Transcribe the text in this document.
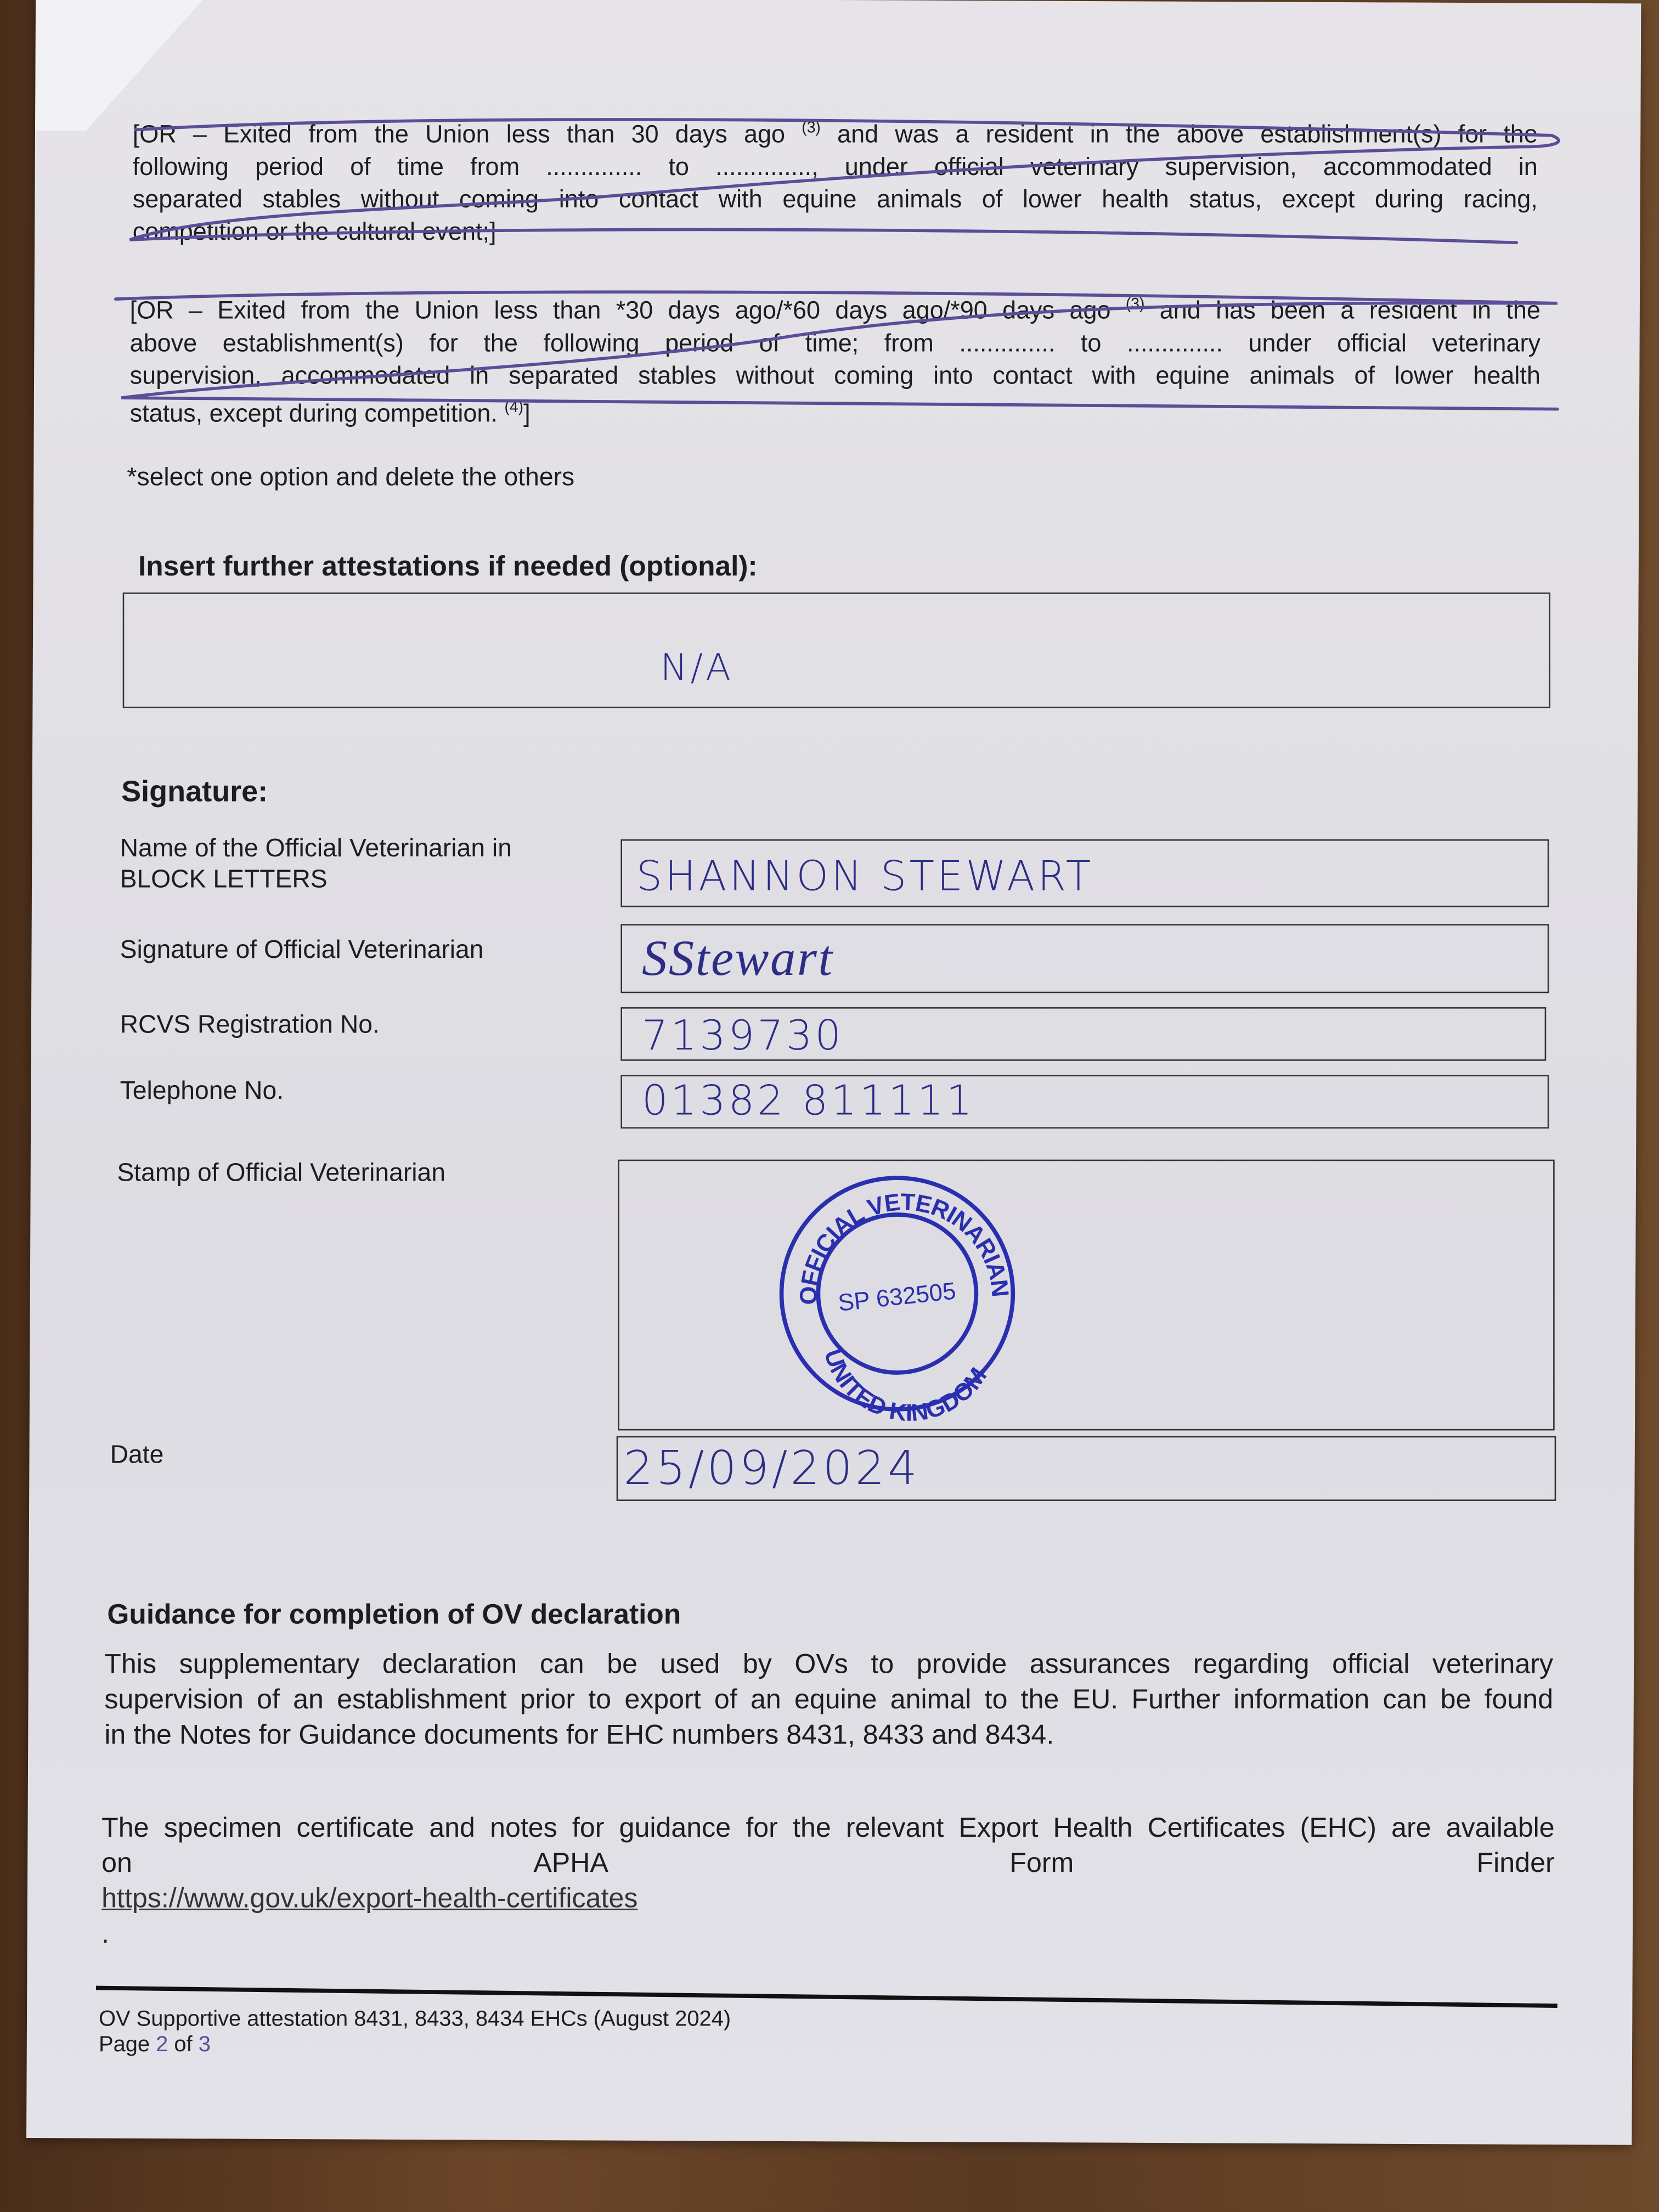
[OR – Exited from the Union less than 30 days ago	$^{(3)}$ and was a resident in the above establishment(s) for the
following period of time from .............. to .............., under official veterinary supervision, accommodated in
separated stables without coming into contact with equine animals of lower health status, except during racing,
competition or the cultural event;]
[OR – Exited from the Union less than *30 days ago/*60 days ago/*90 days ago $^{(3)}$ and has been a resident in the
above establishment(s) for the following period of time; from .............. to .............. under official veterinary
supervision, accommodated in separated stables without coming into contact with equine animals of lower health
status, except during competition. $^{(4)}$]
*select one option and delete the others
Insert further attestations if needed (optional):
N/A
Signature:
Name of the Official Veterinarian in
BLOCK LETTERS	SHANNON STEWART
Signature of Official Veterinarian	SStewart
RCVS Registration No.	7139730
Telephone No.	01382 811111
Stamp of Official Veterinarian
OFFICIAL VETERINARIAN
UNITED KINGDOM
SP 632505
Date	25/09/2024
Guidance for completion of OV declaration
This supplementary declaration can be used by OVs to provide assurances regarding official veterinary
supervision of an establishment prior to export of an equine animal to the EU. Further information can be found
in the Notes for Guidance documents for EHC numbers 8431, 8433 and 8434.
The specimen certificate and notes for guidance for the relevant Export Health Certificates (EHC) are available
on APHA Form Finder
https://www.gov.uk/export-health-certificates
.
OV Supportive attestation 8431, 8433, 8434 EHCs (August 2024)
Page 2 of 3
